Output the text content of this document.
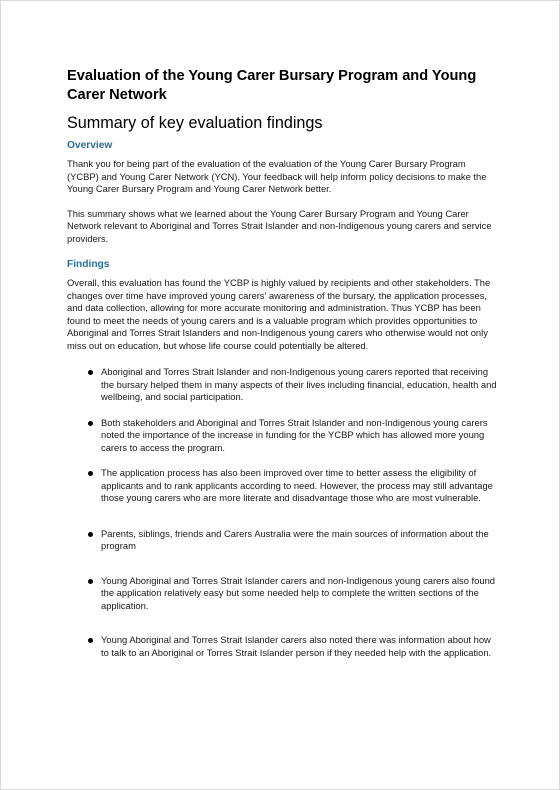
Evaluation of the Young Carer Bursary Program and Young Carer Network
Summary of key evaluation findings
Overview

Thank you for being part of the evaluation of the evaluation of the Young Carer Bursary Program (YCBP) and Young Carer Network (YCN). Your feedback will help inform policy decisions to make the Young Carer Bursary Program and Young Carer Network better.

This summary shows what we learned about the Young Carer Bursary Program and Young Carer Network relevant to Aboriginal and Torres Strait Islander and non-Indigenous young carers and service providers.

Findings

Overall, this evaluation has found the YCBP is highly valued by recipients and other stakeholders. The changes over time have improved young carers’ awareness of the bursary, the application processes, and data collection, allowing for more accurate monitoring and administration. Thus YCBP has been found to meet the needs of young carers and is a valuable program which provides opportunities to Aboriginal and Torres Strait Islanders and non-Indigenous young carers who otherwise would not only miss out on education, but whose life course could potentially be altered.

Aboriginal and Torres Strait Islander and non-Indigenous young carers reported that receiving the bursary helped them in many aspects of their lives including financial, education, health and wellbeing, and social participation.
Both stakeholders and Aboriginal and Torres Strait Islander and non-Indigenous young carers noted the importance of the increase in funding for the YCBP which has allowed more young carers to access the program.
The application process has also been improved over time to better assess the eligibility of applicants and to rank applicants according to need. However, the process may still advantage those young carers who are more literate and disadvantage those who are most vulnerable.
Parents, siblings, friends and Carers Australia were the main sources of information about the program
Young Aboriginal and Torres Strait Islander carers and non-Indigenous young carers also found the application relatively easy but some needed help to complete the written sections of the application.
Young Aboriginal and Torres Strait Islander carers also noted there was information about how to talk to an Aboriginal or Torres Strait Islander person if they needed help with the application.
